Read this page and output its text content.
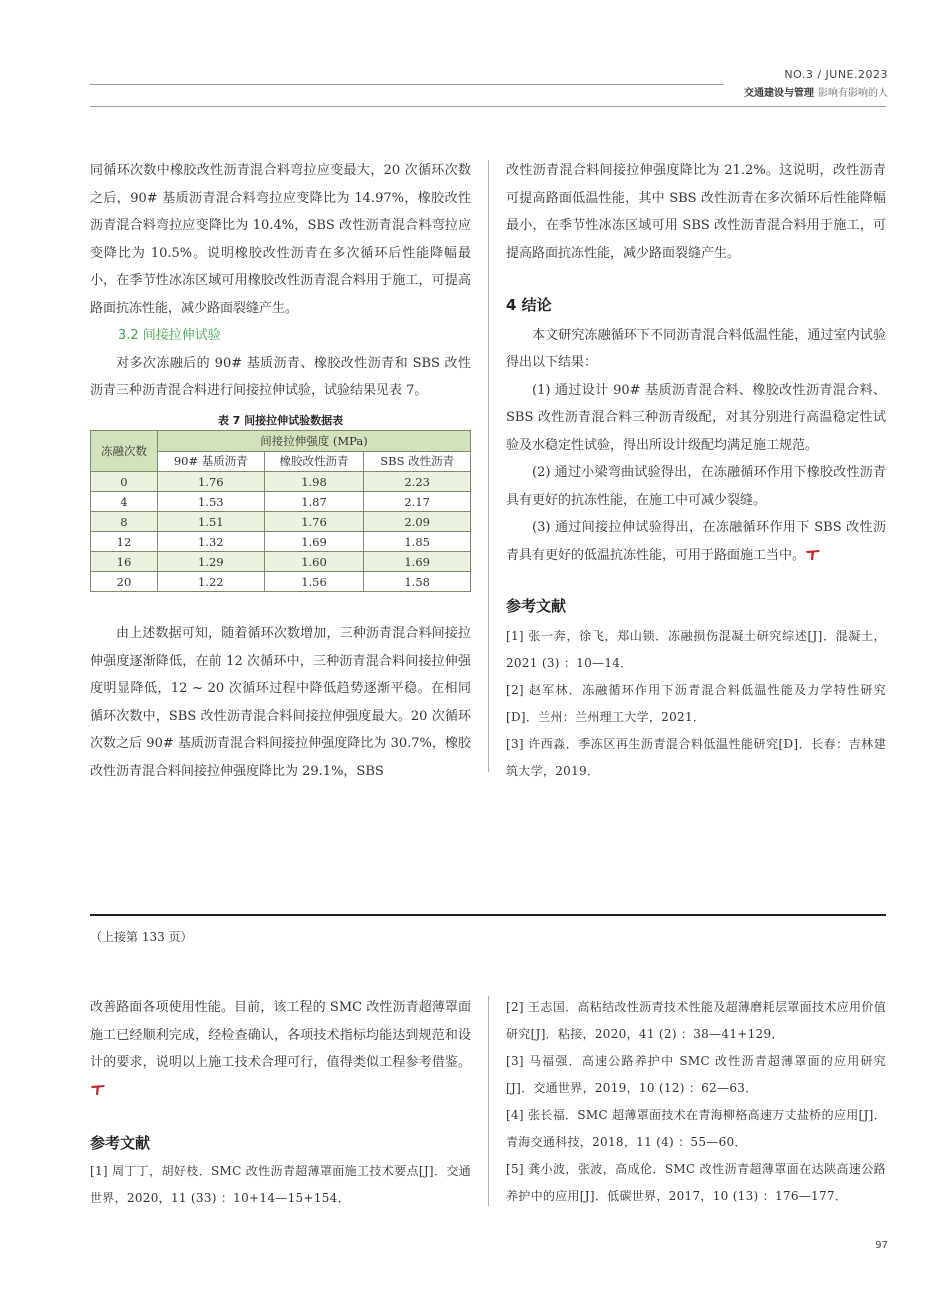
NO.3 / JUNE.2023
交通建设与管理 影响有影响的人

同循环次数中橡胶改性沥青混合料弯拉应变最大，20 次循环次数之后，90# 基质沥青混合料弯拉应变降比为 14.97%，橡胶改性沥青混合料弯拉应变降比为 10.4%，SBS 改性沥青混合料弯拉应变降比为 10.5%。说明橡胶改性沥青在多次循环后性能降幅最小，在季节性冰冻区域可用橡胶改性沥青混合料用于施工，可提高路面抗冻性能，减少路面裂缝产生。

3.2 间接拉伸试验

对多次冻融后的 90# 基质沥青、橡胶改性沥青和 SBS 改性沥青三种沥青混合料进行间接拉伸试验，试验结果见表 7。

表 7 间接拉伸试验数据表
冻融次数	间接拉伸强度 (MPa)		
	90# 基质沥青	橡胶改性沥青	SBS 改性沥青
0	1.76	1.98	2.23
4	1.53	1.87	2.17
8	1.51	1.76	2.09
12	1.32	1.69	1.85
16	1.29	1.60	1.69
20	1.22	1.56	1.58

由上述数据可知，随着循环次数增加，三种沥青混合料间接拉伸强度逐渐降低，在前 12 次循环中，三种沥青混合料间接拉伸强度明显降低，12 ~ 20 次循环过程中降低趋势逐渐平稳。在相同循环次数中，SBS 改性沥青混合料间接拉伸强度最大。20 次循环次数之后 90# 基质沥青混合料间接拉伸强度降比为 30.7%，橡胶改性沥青混合料间接拉伸强度降比为 29.1%，SBS

改性沥青混合料间接拉伸强度降比为 21.2%。这说明，改性沥青可提高路面低温性能，其中 SBS 改性沥青在多次循环后性能降幅最小，在季节性冰冻区域可用 SBS 改性沥青混合料用于施工，可提高路面抗冻性能，减少路面裂缝产生。

4 结论

本文研究冻融循环下不同沥青混合料低温性能，通过室内试验得出以下结果：

(1) 通过设计 90# 基质沥青混合料、橡胶改性沥青混合料、SBS 改性沥青混合料三种沥青级配，对其分别进行高温稳定性试验及水稳定性试验，得出所设计级配均满足施工规范。

(2) 通过小梁弯曲试验得出，在冻融循环作用下橡胶改性沥青具有更好的抗冻性能，在施工中可减少裂缝。

(3) 通过间接拉伸试验得出，在冻融循环作用下 SBS 改性沥青具有更好的低温抗冻性能，可用于路面施工当中。

参考文献

[1] 张一奔，徐飞，郑山锁．冻融损伤混凝土研究综述[J]．混凝土，2021 (3) ：10—14．

[2] 赵军林．冻融循环作用下沥青混合料低温性能及力学特性研究[D]．兰州：兰州理工大学，2021．

[3] 许西淼．季冻区再生沥青混合料低温性能研究[D]．长春：吉林建筑大学，2019．

（上接第 133 页）

改善路面各项使用性能。目前，该工程的 SMC 改性沥青超薄罩面施工已经顺利完成，经检查确认，各项技术指标均能达到规范和设计的要求，说明以上施工技术合理可行，值得类似工程参考借鉴。

参考文献

[1] 周丁丁，胡好枝．SMC 改性沥青超薄罩面施工技术要点[J]．交通世界，2020，11 (33) ：10+14—15+154．

[2] 王志国．高粘结改性沥青技术性能及超薄磨耗层罩面技术应用价值研究[J]．粘接，2020，41 (2) ：38—41+129．

[3] 马福强．高速公路养护中 SMC 改性沥青超薄罩面的应用研究[J]．交通世界，2019，10 (12) ：62—63．

[4] 张长福．SMC 超薄罩面技术在青海柳格高速万丈盐桥的应用[J]．青海交通科技，2018，11 (4) ：55—60．

[5] 龚小波，张波，高成伦．SMC 改性沥青超薄罩面在达陕高速公路养护中的应用[J]．低碳世界，2017，10 (13) ：176—177．

97
